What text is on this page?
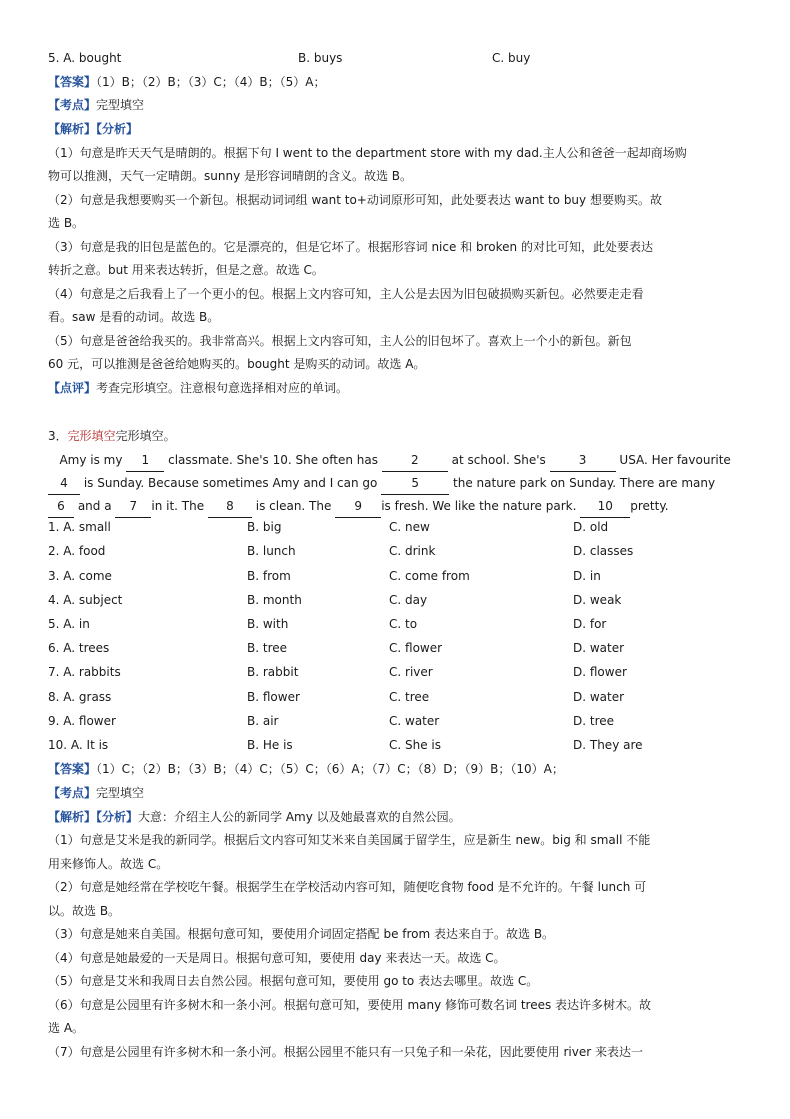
5. A. bought	B. buys	C. buy
【答案】（1）B；（2）B；（3）C；（4）B；（5）A；
【考点】完型填空
【解析】【分析】
（1）句意是昨天天气是晴朗的。根据下句 I went to the department store with my dad.主人公和爸爸一起却商场购
物可以推测，天气一定晴朗。sunny 是形容词晴朗的含义。故选 B。
（2）句意是我想要购买一个新包。根据动词词组 want to+动词原形可知，此处要表达 want to buy 想要购买。故
选 B。
（3）句意是我的旧包是蓝色的。它是漂亮的，但是它坏了。根据形容词 nice 和 broken 的对比可知，此处要表达
转折之意。but 用来表达转折，但是之意。故选 C。
（4）句意是之后我看上了一个更小的包。根据上文内容可知，主人公是去因为旧包破损购买新包。必然要走走看
看。saw 是看的动词。故选 B。
（5）句意是爸爸给我买的。我非常高兴。根据上文内容可知，主人公的旧包坏了。喜欢上一个小的新包。新包
60 元，可以推测是爸爸给她购买的。bought 是购买的动词。故选 A。
【点评】考查完形填空。注意根句意选择相对应的单词。
3．完形填空完形填空。
Amy is my 1 classmate. She's 10. She often has 2 at school. She's 3 USA. Her favourite
4 is Sunday. Because sometimes Amy and I can go	5	the nature park on Sunday. There are many
6 and a 7 in it. The 8 is clean. The 9 is fresh. We like the nature park. 10 pretty.
1. A. small	B. big	C. new	D. old
2. A. food	B. lunch	C. drink	D. classes
3. A. come	B. from	C. come from	D. in
4. A. subject	B. month	C. day	D. weak
5. A. in	B. with	C. to	D. for
6. A. trees	B. tree	C. flower	D. water
7. A. rabbits	B. rabbit	C. river	D. flower
8. A. grass	B. flower	C. tree	D. water
9. A. flower	B. air	C. water	D. tree
10. A. It is	B. He is	C. She is	D. They are
【答案】（1）C；（2）B；（3）B；（4）C；（5）C；（6）A；（7）C；（8）D；（9）B；（10）A；
【考点】完型填空
【解析】【分析】大意：介绍主人公的新同学 Amy 以及她最喜欢的自然公园。
（1）句意是艾米是我的新同学。根据后文内容可知艾米来自美国属于留学生，应是新生 new。big 和 small 不能
用来修饰人。故选 C。
（2）句意是她经常在学校吃午餐。根据学生在学校活动内容可知，随便吃食物 food 是不允许的。午餐 lunch 可
以。故选 B。
（3）句意是她来自美国。根据句意可知，要使用介词固定搭配 be from 表达来自于。故选 B。
（4）句意是她最爱的一天是周日。根据句意可知，要使用 day 来表达一天。故选 C。
（5）句意是艾米和我周日去自然公园。根据句意可知，要使用 go to 表达去哪里。故选 C。
（6）句意是公园里有许多树木和一条小河。根据句意可知，要使用 many 修饰可数名词 trees 表达许多树木。故
选 A。
（7）句意是公园里有许多树木和一条小河。根据公园里不能只有一只兔子和一朵花，因此要使用 river 来表达一
